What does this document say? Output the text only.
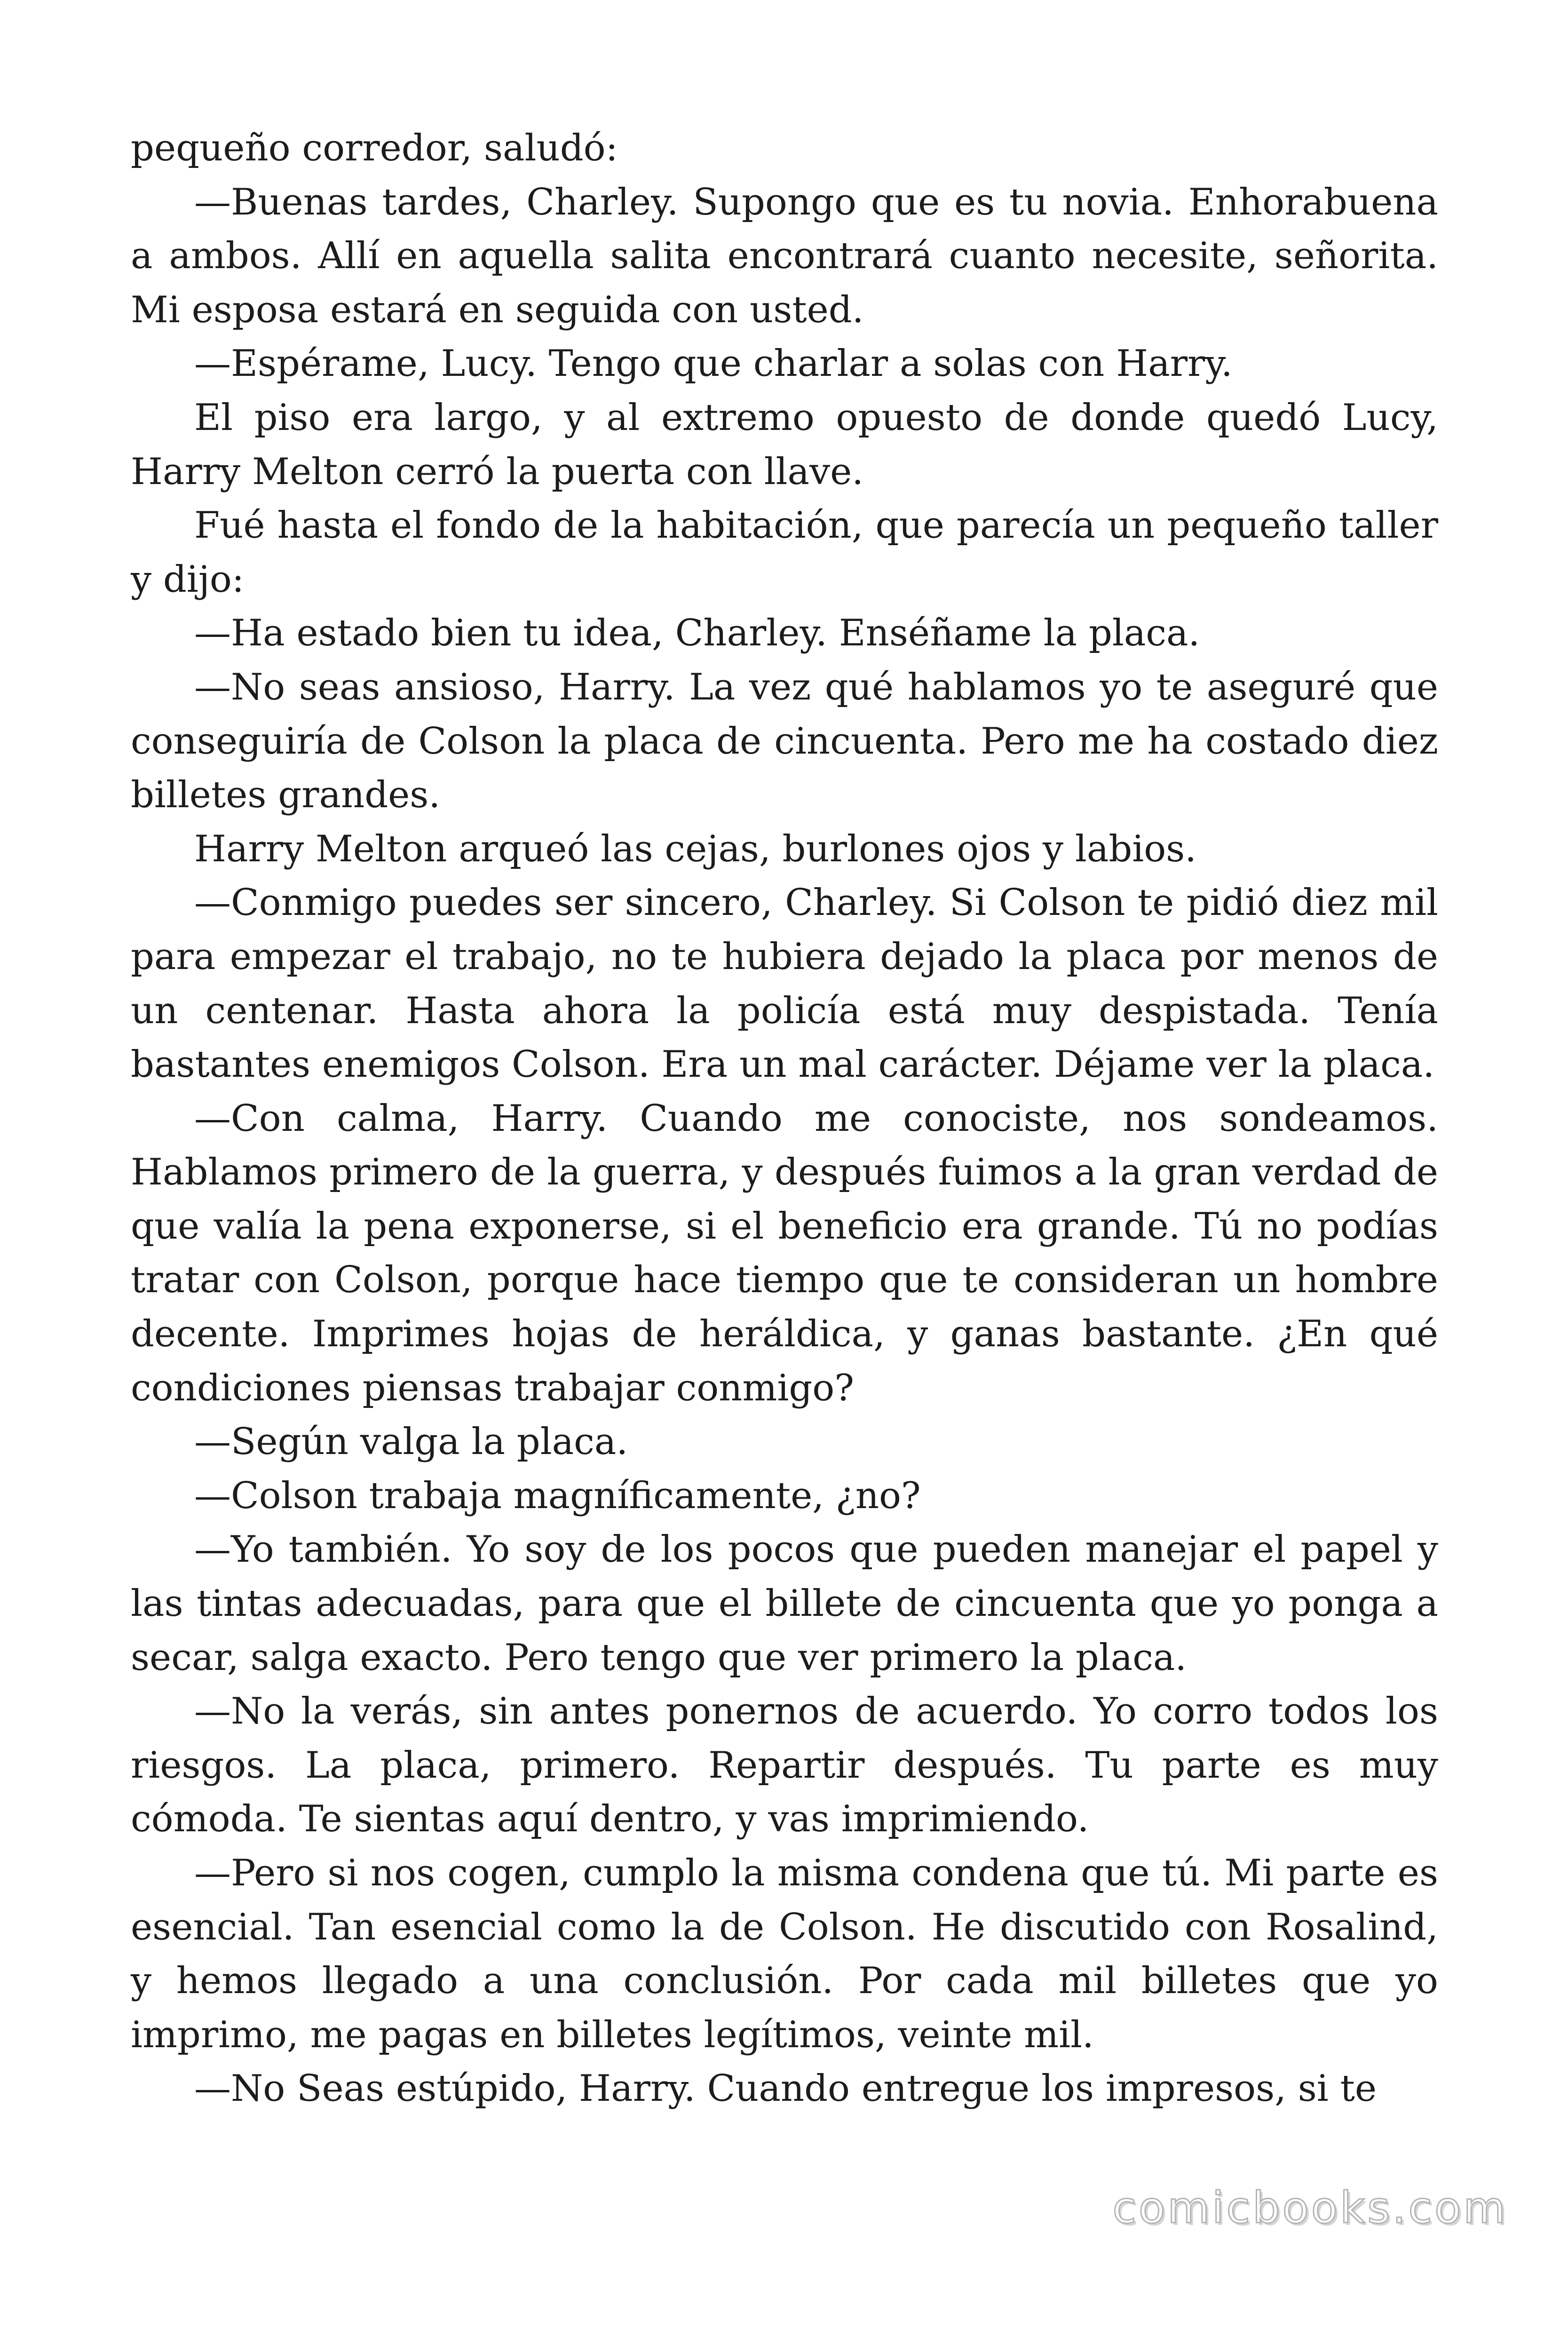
pequeño corredor, saludó:

—Buenas tardes, Charley. Supongo que es tu novia. Enhorabuena a ambos. Allí en aquella salita encontrará cuanto necesite, señorita. Mi esposa estará en seguida con usted.

—Espérame, Lucy. Tengo que charlar a solas con Harry.

El piso era largo, y al extremo opuesto de donde quedó Lucy, Harry Melton cerró la puerta con llave.

Fué hasta el fondo de la habitación, que parecía un pequeño taller y dijo:

—Ha estado bien tu idea, Charley. Enséñame la placa.

—No seas ansioso, Harry. La vez qué hablamos yo te aseguré que conseguiría de Colson la placa de cincuenta. Pero me ha costado diez billetes grandes.

Harry Melton arqueó las cejas, burlones ojos y labios.

—Conmigo puedes ser sincero, Charley. Si Colson te pidió diez mil para empezar el trabajo, no te hubiera dejado la placa por menos de un centenar. Hasta ahora la policía está muy despistada. Tenía bastantes enemigos Colson. Era un mal carácter. Déjame ver la placa.

—Con calma, Harry. Cuando me conociste, nos sondeamos. Hablamos primero de la guerra, y después fuimos a la gran verdad de que valía la pena exponerse, si el beneficio era grande. Tú no podías tratar con Colson, porque hace tiempo que te consideran un hombre decente. Imprimes hojas de heráldica, y ganas bastante. ¿En qué condiciones piensas trabajar conmigo?

—Según valga la placa.

—Colson trabaja magníficamente, ¿no?

—Yo también. Yo soy de los pocos que pueden manejar el papel y las tintas adecuadas, para que el billete de cincuenta que yo ponga a secar, salga exacto. Pero tengo que ver primero la placa.

—No la verás, sin antes ponernos de acuerdo. Yo corro todos los riesgos. La placa, primero. Repartir después. Tu parte es muy cómoda. Te sientas aquí dentro, y vas imprimiendo.

—Pero si nos cogen, cumplo la misma condena que tú. Mi parte es esencial. Tan esencial como la de Colson. He discutido con Rosalind, y hemos llegado a una conclusión. Por cada mil billetes que yo imprimo, me pagas en billetes legítimos, veinte mil.

—No Seas estúpido, Harry. Cuando entregue los impresos, si te

comicbooks.com
